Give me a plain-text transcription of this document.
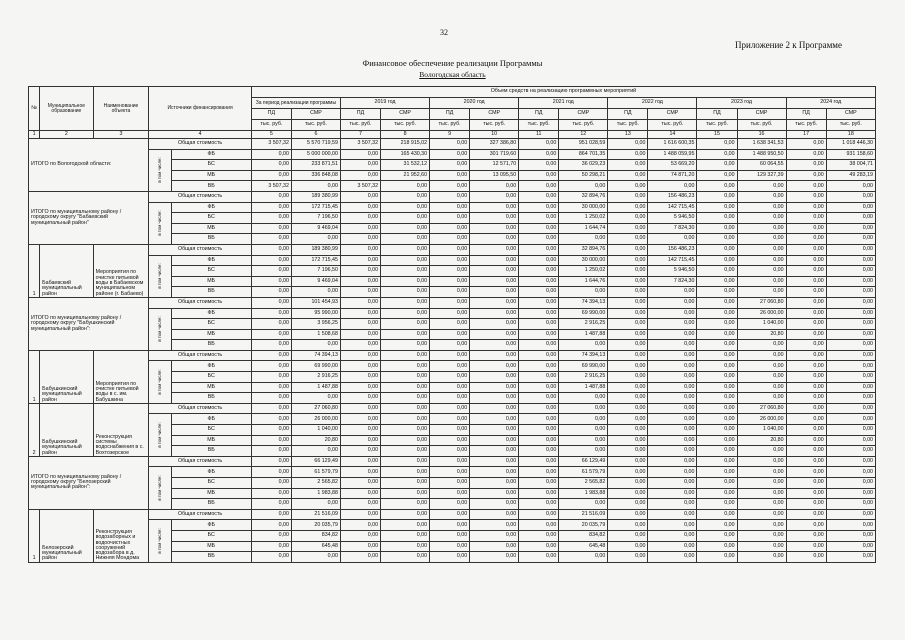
32
Приложение 2 к Программе
Финансовое обеспечение реализации Программы
Вологодская область
№	Муниципальное образование	Наименование объекта	Источники финансирования		Объем средств на реализацию программных мероприятий													
					За период реализации программы		2019 год		2020 год		2021 год		2022 год		2023 год		2024 год	
					ПД	СМР	ПД	СМР	ПД	СМР	ПД	СМР	ПД	СМР	ПД	СМР	ПД	СМР
					тыс. руб.	тыс. руб.	тыс. руб.	тыс. руб.	тыс. руб.	тыс. руб.	тыс. руб.	тыс. руб.	тыс. руб.	тыс. руб.	тыс. руб.	тыс. руб.	тыс. руб.	тыс. руб.
1	2	3	4		5	6	7	8	9	10	11	12	13	14	15	16	17	18
ИТОГО по Вологодской области:			Общая стоимость		3 507,32	5 570 719,59	3 507,32	218 915,02	0,00	327 386,80	0,00	951 028,59	0,00	1 616 600,35	0,00	1 638 341,53	0,00	1 018 446,30

			в том числе:	ФБ	0,00	5 000 000,00	0,00	165 430,30	0,00	301 719,60	0,00	864 701,35	0,00	1 488 059,95	0,00	1 488 950,50	0,00	931 158,60
				БС	0,00	233 871,51	0,00	31 532,12	0,00	12 571,70	0,00	36 029,23	0,00	53 669,20	0,00	60 064,55	0,00	38 004,71
				МБ	0,00	336 848,08	0,00	21 952,60	0,00	13 095,50	0,00	50 298,21	0,00	74 871,20	0,00	129 327,39	0,00	49 283,19
				ВБ	3 507,32	0,00	3 507,32	0,00	0,00	0,00	0,00	0,00	0,00	0,00	0,00	0,00	0,00	0,00
ИТОГО по муниципальному району / городскому округу "Бабаевский муниципальный район"			Общая стоимость		0,00	189 380,99	0,00	0,00	0,00	0,00	0,00	32 894,76	0,00	156 486,23	0,00	0,00	0,00	0,00

			в том числе:	ФБ	0,00	172 715,45	0,00	0,00	0,00	0,00	0,00	30 000,00	0,00	142 715,45	0,00	0,00	0,00	0,00
				БС	0,00	7 196,50	0,00	0,00	0,00	0,00	0,00	1 250,02	0,00	5 946,50	0,00	0,00	0,00	0,00
				МБ	0,00	9 469,04	0,00	0,00	0,00	0,00	0,00	1 644,74	0,00	7 824,30	0,00	0,00	0,00	0,00
				ВБ	0,00	0,00	0,00	0,00	0,00	0,00	0,00	0,00	0,00	0,00	0,00	0,00	0,00	0,00
1	Бабаевский муниципальный район	Мероприятия по очистке питьевой воды в Бабаевском муниципальном районе (г. Бабаево)	Общая стоимость		0,00	189 380,99	0,00	0,00	0,00	0,00	0,00	32 894,76	0,00	156 486,23	0,00	0,00	0,00	0,00

			в том числе:	ФБ	0,00	172 715,45	0,00	0,00	0,00	0,00	0,00	30 000,00	0,00	142 715,45	0,00	0,00	0,00	0,00
				БС	0,00	7 196,50	0,00	0,00	0,00	0,00	0,00	1 250,02	0,00	5 946,50	0,00	0,00	0,00	0,00
				МБ	0,00	9 469,04	0,00	0,00	0,00	0,00	0,00	1 644,76	0,00	7 824,30	0,00	0,00	0,00	0,00
				ВБ	0,00	0,00	0,00	0,00	0,00	0,00	0,00	0,00	0,00	0,00	0,00	0,00	0,00	0,00
ИТОГО по муниципальному району / городскому округу "Бабушкинский муниципальный район":			Общая стоимость		0,00	101 454,93	0,00	0,00	0,00	0,00	0,00	74 394,13	0,00	0,00	0,00	27 060,80	0,00	0,00

			в том числе:	ФБ	0,00	95 990,00	0,00	0,00	0,00	0,00	0,00	69 990,00	0,00	0,00	0,00	26 000,00	0,00	0,00
				БС	0,00	3 956,25	0,00	0,00	0,00	0,00	0,00	2 916,25	0,00	0,00	0,00	1 040,00	0,00	0,00
				МБ	0,00	1 508,68	0,00	0,00	0,00	0,00	0,00	1 487,88	0,00	0,00	0,00	20,80	0,00	0,00
				ВБ	0,00	0,00	0,00	0,00	0,00	0,00	0,00	0,00	0,00	0,00	0,00	0,00	0,00	0,00
1	Бабушкинский муниципальный район	Мероприятия по очистке питьевой воды в с. им. Бабушкина	Общая стоимость		0,00	74 394,13	0,00	0,00	0,00	0,00	0,00	74 394,13	0,00	0,00	0,00	0,00	0,00	0,00

			в том числе:	ФБ	0,00	69 990,00	0,00	0,00	0,00	0,00	0,00	69 990,00	0,00	0,00	0,00	0,00	0,00	0,00
				БС	0,00	2 916,25	0,00	0,00	0,00	0,00	0,00	2 916,25	0,00	0,00	0,00	0,00	0,00	0,00
				МБ	0,00	1 487,88	0,00	0,00	0,00	0,00	0,00	1 487,88	0,00	0,00	0,00	0,00	0,00	0,00
				ВБ	0,00	0,00	0,00	0,00	0,00	0,00	0,00	0,00	0,00	0,00	0,00	0,00	0,00	0,00
2	Бабушкинский муниципальный район	Реконструкция системы водоснабжения в с. Вохтозерское	Общая стоимость		0,00	27 060,80	0,00	0,00	0,00	0,00	0,00	0,00	0,00	0,00	0,00	27 060,80	0,00	0,00

			в том числе:	ФБ	0,00	26 000,00	0,00	0,00	0,00	0,00	0,00	0,00	0,00	0,00	0,00	26 000,00	0,00	0,00
				БС	0,00	1 040,00	0,00	0,00	0,00	0,00	0,00	0,00	0,00	0,00	0,00	1 040,00	0,00	0,00
				МБ	0,00	20,80	0,00	0,00	0,00	0,00	0,00	0,00	0,00	0,00	0,00	20,80	0,00	0,00
				ВБ	0,00	0,00	0,00	0,00	0,00	0,00	0,00	0,00	0,00	0,00	0,00	0,00	0,00	0,00
ИТОГО по муниципальному району / городскому округу "Белозерский муниципальный район":			Общая стоимость		0,00	66 129,49	0,00	0,00	0,00	0,00	0,00	66 129,49	0,00	0,00	0,00	0,00	0,00	0,00

			в том числе:	ФБ	0,00	61 579,79	0,00	0,00	0,00	0,00	0,00	61 579,79	0,00	0,00	0,00	0,00	0,00	0,00
				БС	0,00	2 565,82	0,00	0,00	0,00	0,00	0,00	2 565,82	0,00	0,00	0,00	0,00	0,00	0,00
				МБ	0,00	1 983,88	0,00	0,00	0,00	0,00	0,00	1 983,88	0,00	0,00	0,00	0,00	0,00	0,00
				ВБ	0,00	0,00	0,00	0,00	0,00	0,00	0,00	0,00	0,00	0,00	0,00	0,00	0,00	0,00
1	Белозерский муниципальный район	Реконструкция водозаборных и водоочистных сооружений водозабора в д. Нижняя Мондома	Общая стоимость		0,00	21 516,09	0,00	0,00	0,00	0,00	0,00	21 516,09	0,00	0,00	0,00	0,00	0,00	0,00

			в том числе:	ФБ	0,00	20 035,79	0,00	0,00	0,00	0,00	0,00	20 035,79	0,00	0,00	0,00	0,00	0,00	0,00
				БС	0,00	834,82	0,00	0,00	0,00	0,00	0,00	834,82	0,00	0,00	0,00	0,00	0,00	0,00
				МБ	0,00	645,48	0,00	0,00	0,00	0,00	0,00	645,48	0,00	0,00	0,00	0,00	0,00	0,00
				ВБ	0,00	0,00	0,00	0,00	0,00	0,00	0,00	0,00	0,00	0,00	0,00	0,00	0,00	0,00
